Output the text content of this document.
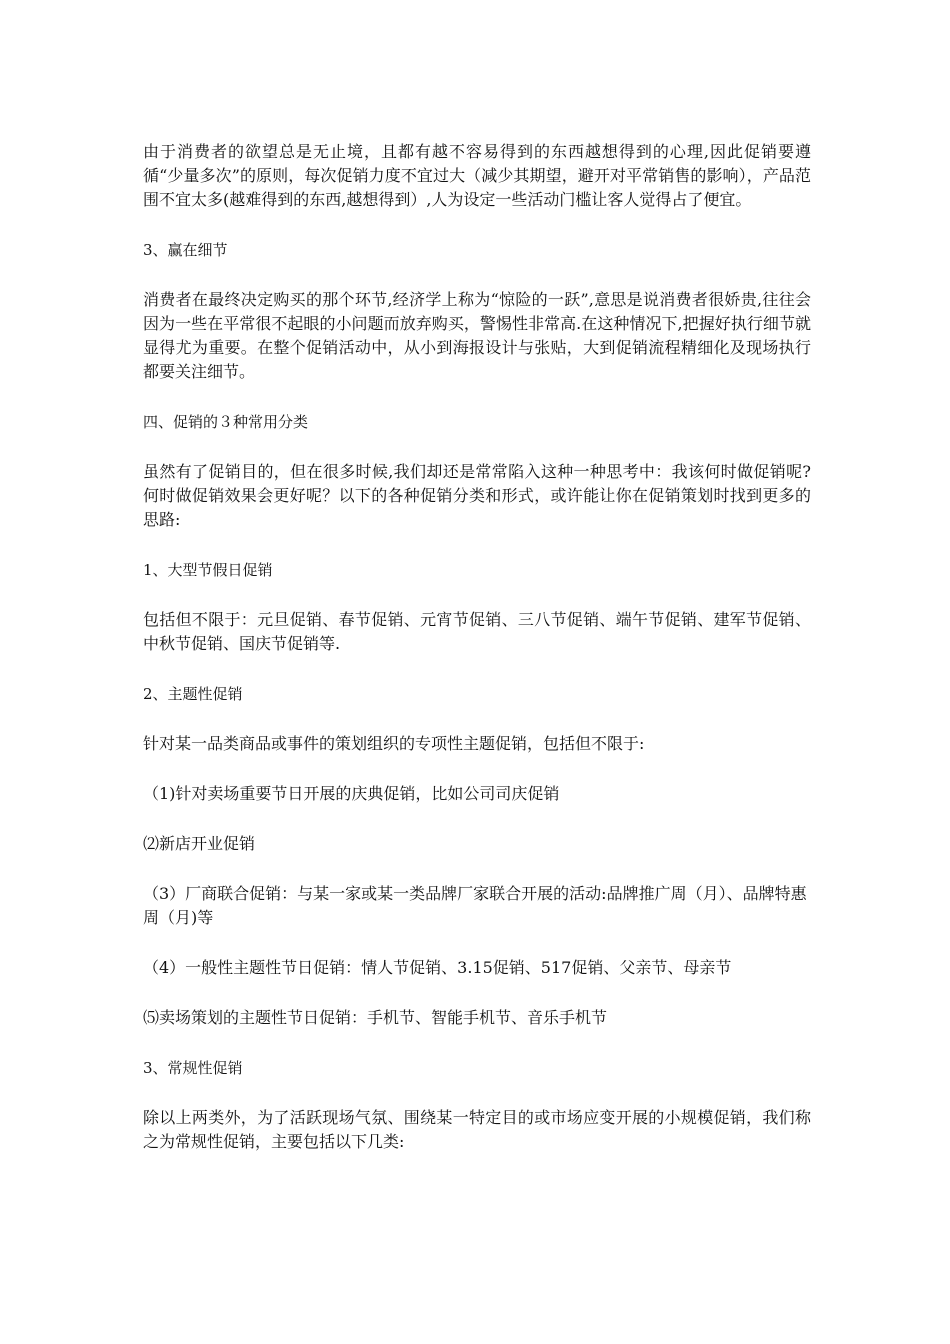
由于消费者的欲望总是无止境，且都有越不容易得到的东西越想得到的心理,因此促销要遵循“少量多次”的原则，每次促销力度不宜过大（减少其期望，避开对平常销售的影响），产品范围不宜太多(越难得到的东西,越想得到）,人为设定一些活动门槛让客人觉得占了便宜。

3、赢在细节

消费者在最终决定购买的那个环节,经济学上称为“惊险的一跃”,意思是说消费者很娇贵,往往会因为一些在平常很不起眼的小问题而放弃购买，警惕性非常高.在这种情况下,把握好执行细节就显得尤为重要。在整个促销活动中，从小到海报设计与张贴，大到促销流程精细化及现场执行都要关注细节。

四、促销的３种常用分类

虽然有了促销目的，但在很多时候,我们却还是常常陷入这种一种思考中：我该何时做促销呢?何时做促销效果会更好呢？以下的各种促销分类和形式，或许能让你在促销策划时找到更多的思路:

1、大型节假日促销

包括但不限于：元旦促销、春节促销、元宵节促销、三八节促销、端午节促销、建军节促销、中秋节促销、国庆节促销等.

2、主题性促销

针对某一品类商品或事件的策划组织的专项性主题促销，包括但不限于:

（1)针对卖场重要节日开展的庆典促销，比如公司司庆促销

⑵新店开业促销

（3）厂商联合促销：与某一家或某一类品牌厂家联合开展的活动:品牌推广周（月）、品牌特惠周（月)等

（4）一般性主题性节日促销：情人节促销、3.15促销、517促销、父亲节、母亲节

⑸卖场策划的主题性节日促销：手机节、智能手机节、音乐手机节

3、常规性促销

除以上两类外，为了活跃现场气氛、围绕某一特定目的或市场应变开展的小规模促销，我们称之为常规性促销，主要包括以下几类:
